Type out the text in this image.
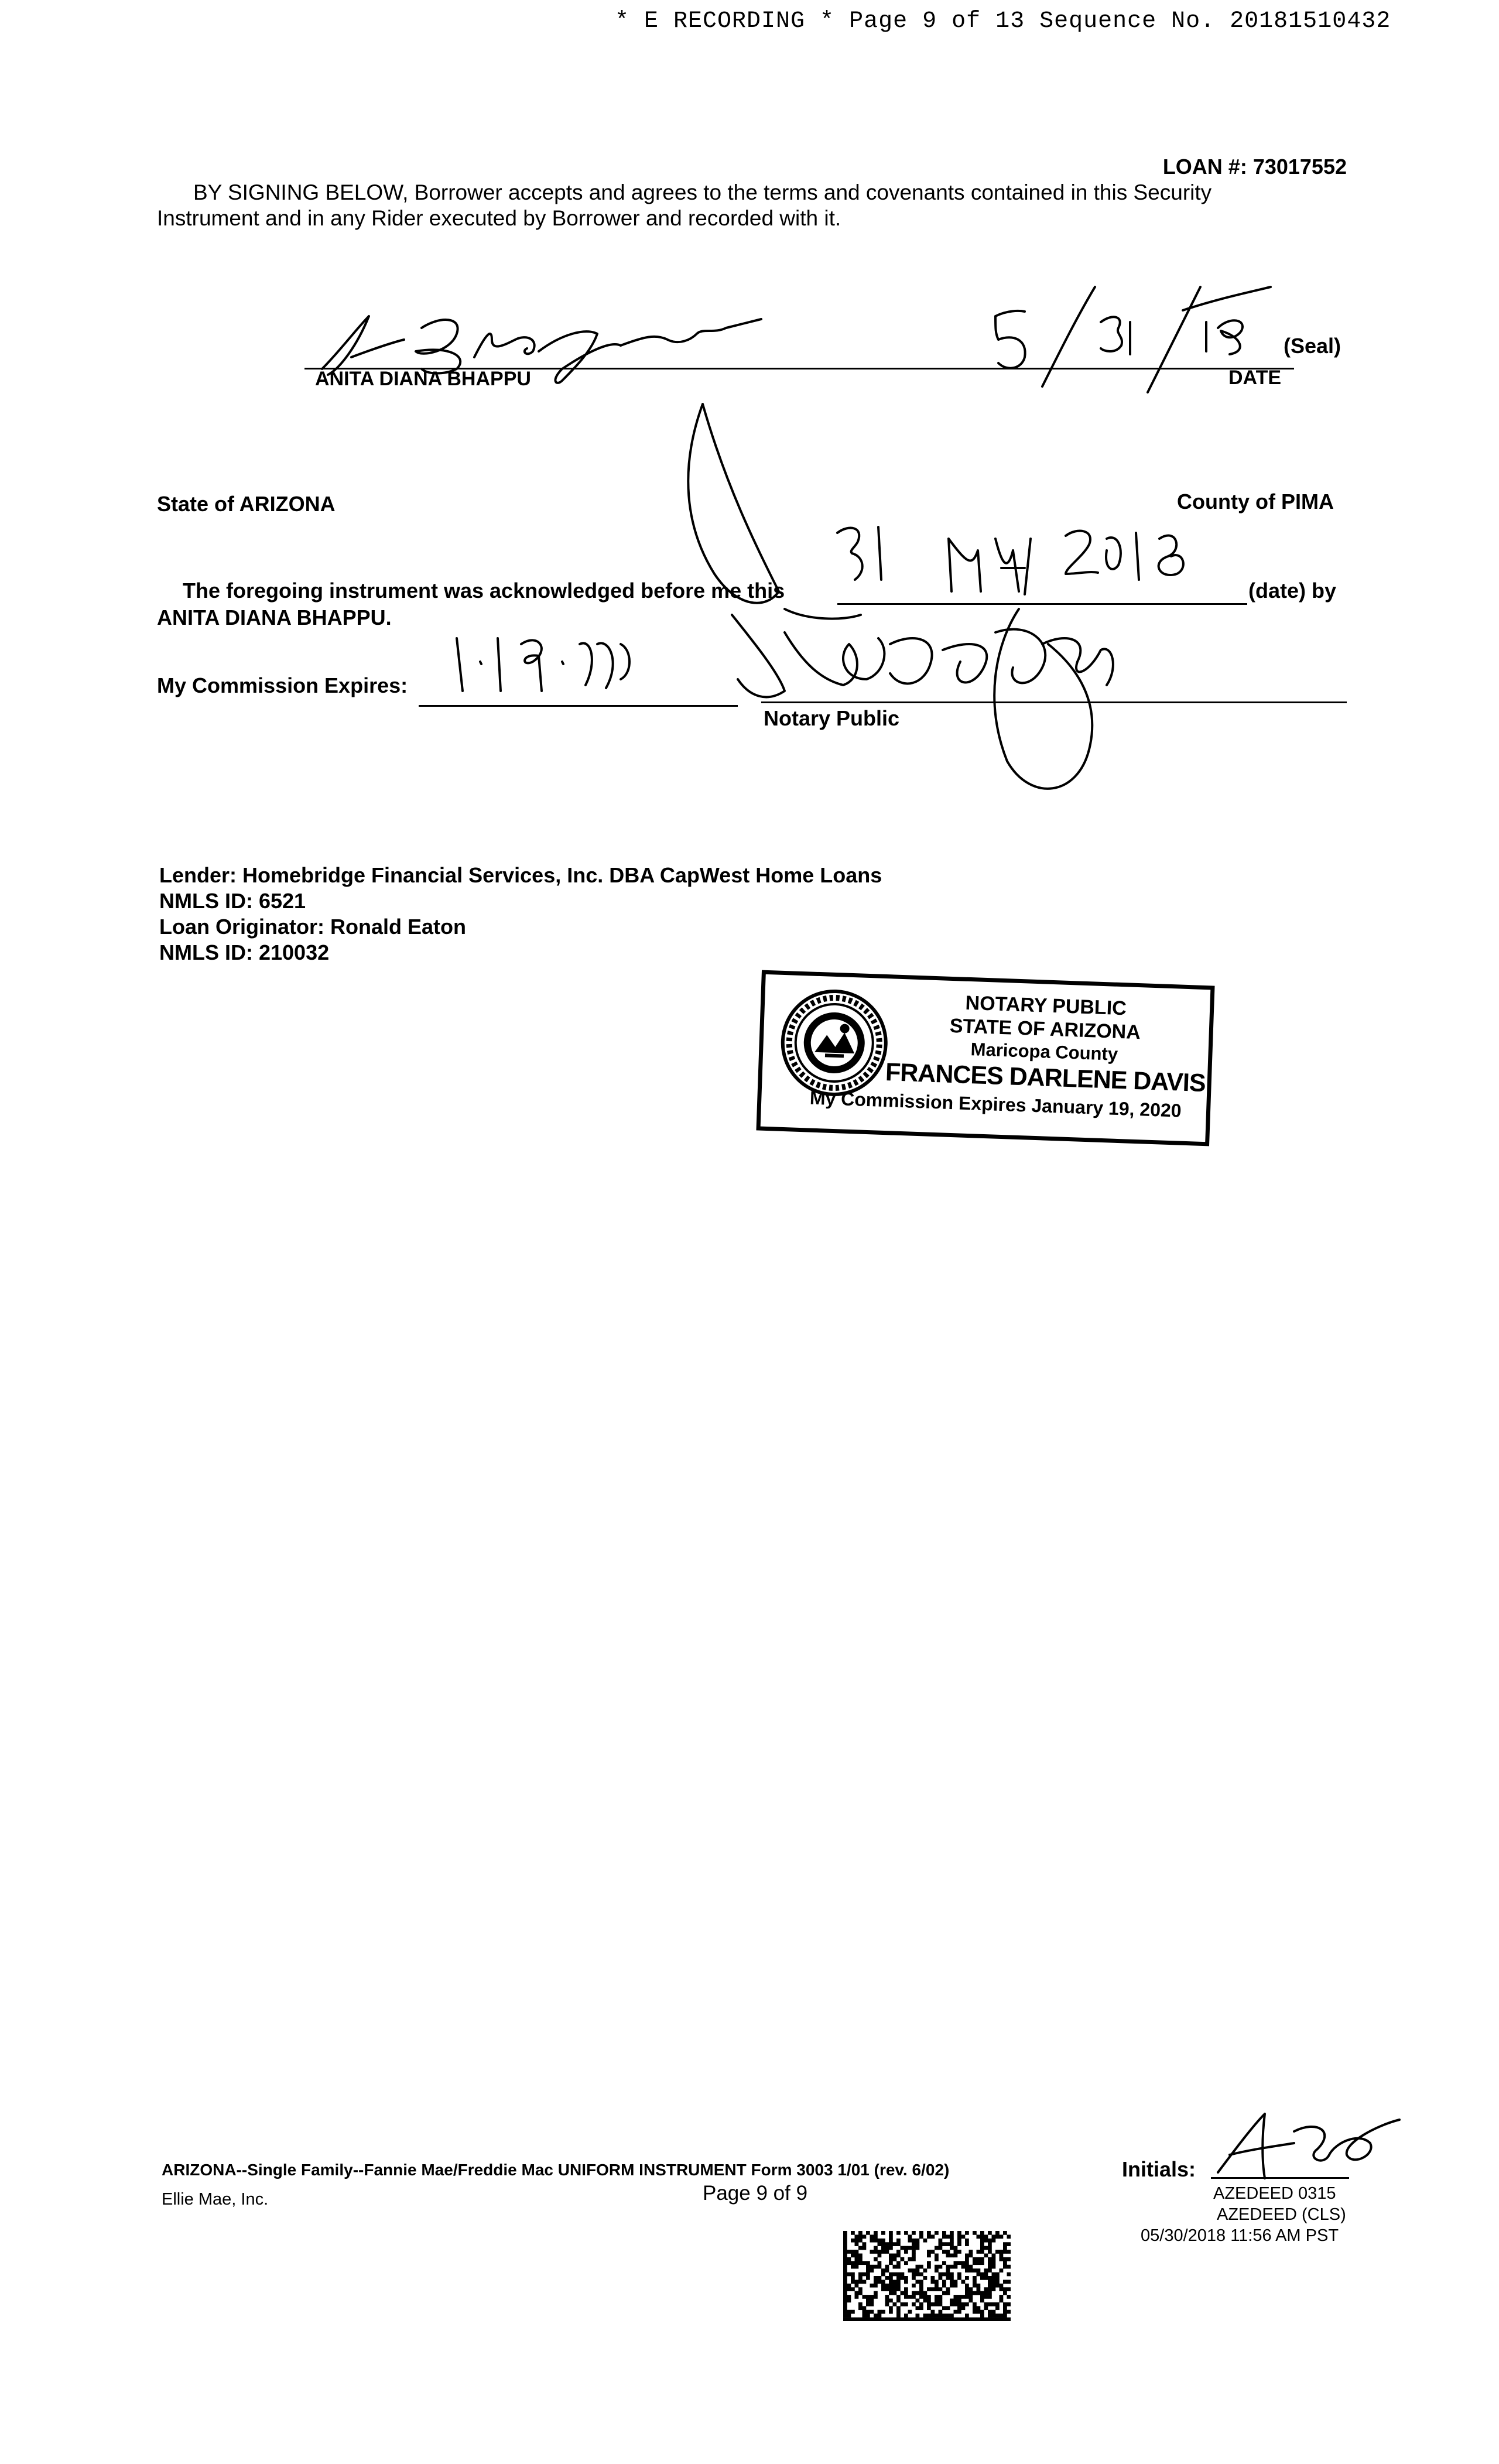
* E RECORDING * Page 9 of 13 Sequence No. 20181510432
LOAN #: 73017552
BY SIGNING BELOW, Borrower accepts and agrees to the terms and covenants contained in this Security
Instrument and in any Rider executed by Borrower and recorded with it.
ANITA DIANA BHAPPU	DATE
(Seal)
State of ARIZONA	County of PIMA
The foregoing instrument was acknowledged before me this	(date) by
ANITA DIANA BHAPPU.
My Commission Expires:
Notary Public
Lender: Homebridge Financial Services, Inc. DBA CapWest Home Loans
NMLS ID: 6521
Loan Originator: Ronald Eaton
NMLS ID: 210032
NOTARY PUBLIC
STATE OF ARIZONA
Maricopa County
FRANCES DARLENE DAVIS
My Commission Expires January 19, 2020
ARIZONA--Single Family--Fannie Mae/Freddie Mac UNIFORM INSTRUMENT Form 3003 1/01 (rev. 6/02)
Ellie Mae, Inc.	Page 9 of 9
Initials:
AZEDEED 0315
AZEDEED (CLS)
05/30/2018 11:56 AM PST
